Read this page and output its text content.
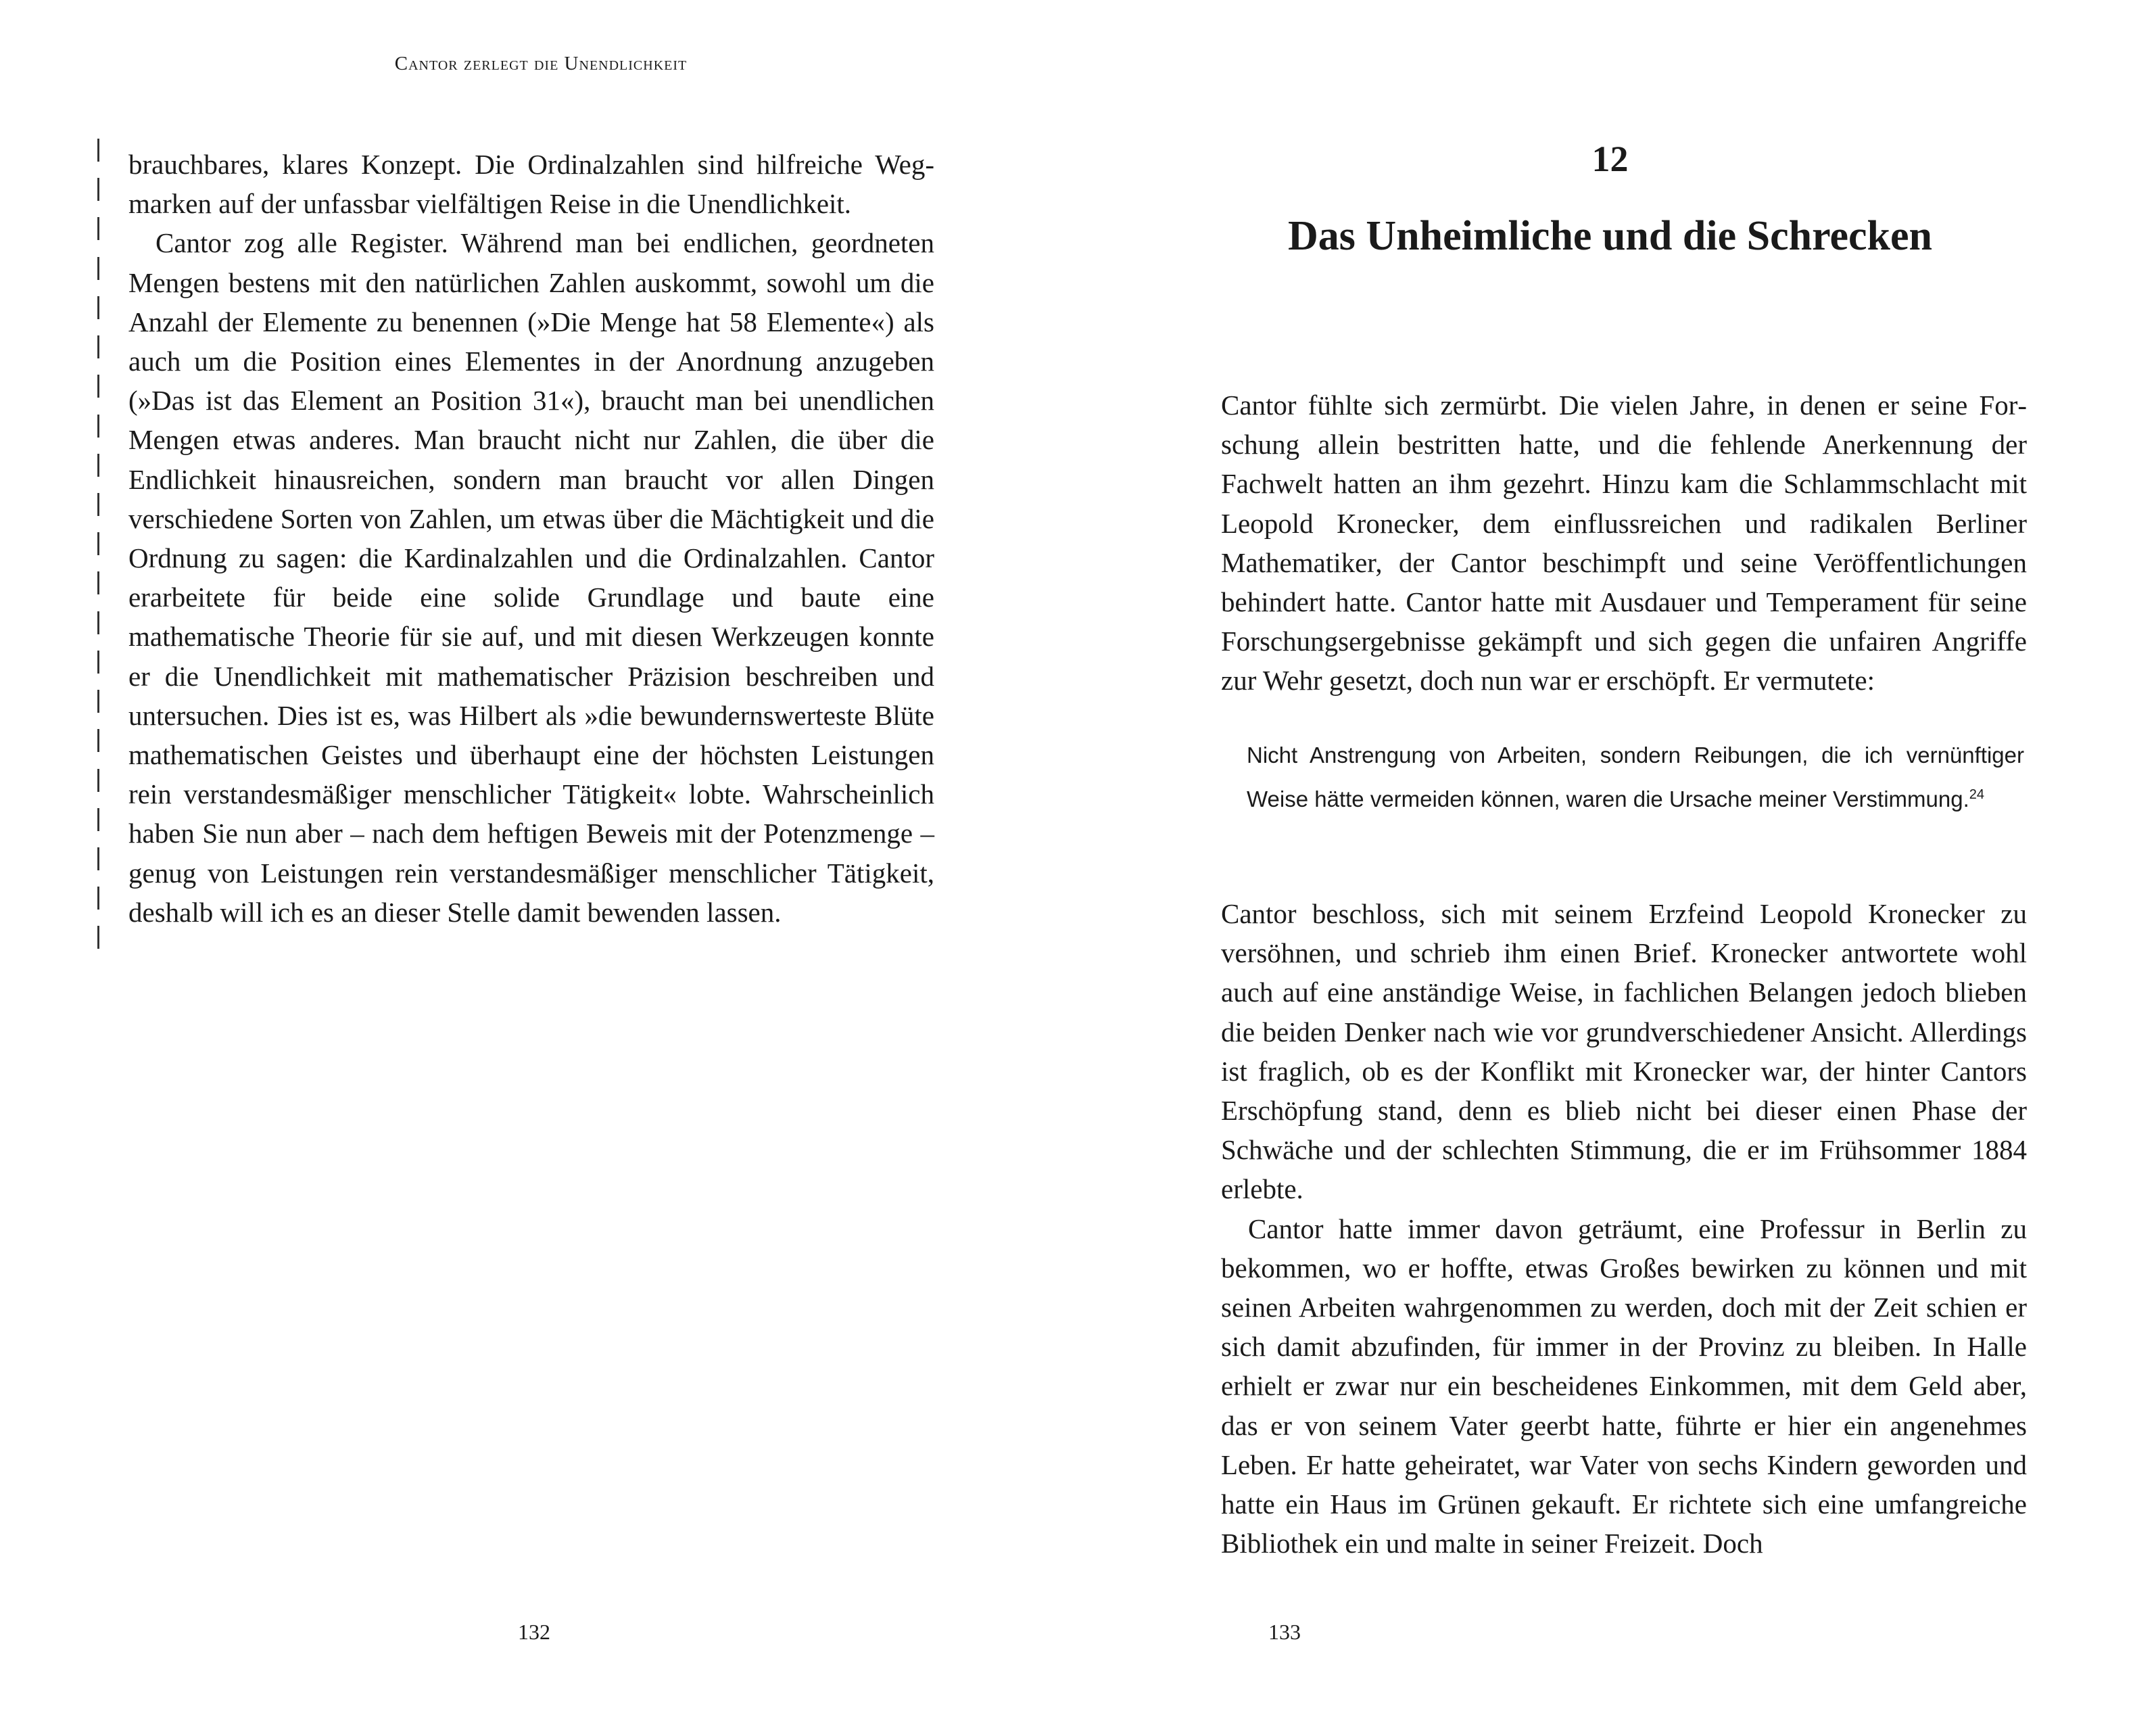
Cantor zerlegt die Unendlichkeit

brauchbares, klares Konzept. Die Ordinalzahlen sind hilfreiche Wegmarken auf der unfassbar vielfältigen Reise in die Unendlichkeit.

Cantor zog alle Register. Während man bei endlichen, geordneten Mengen bestens mit den natürlichen Zahlen auskommt, sowohl um die Anzahl der Elemente zu benennen (»Die Menge hat 58 Elemente«) als auch um die Position eines Elementes in der Anordnung anzugeben (»Das ist das Element an Position 31«), braucht man bei unendlichen Mengen etwas anderes. Man braucht nicht nur Zahlen, die über die Endlichkeit hinausreichen, sondern man braucht vor allen Dingen verschiedene Sorten von Zahlen, um etwas über die Mächtigkeit und die Ordnung zu sagen: die Kardinalzahlen und die Ordinalzahlen. Cantor erarbeitete für beide eine solide Grundlage und baute eine mathematische Theorie für sie auf, und mit diesen Werkzeugen konnte er die Unendlichkeit mit mathematischer Präzision beschreiben und untersuchen. Dies ist es, was Hilbert als »die bewundernswerteste Blüte mathematischen Geistes und überhaupt eine der höchsten Leistungen rein verstandesmäßiger menschlicher Tätigkeit« lobte. Wahrscheinlich haben Sie nun aber – nach dem heftigen Beweis mit der Potenzmenge – genug von Leistungen rein verstandesmäßiger menschlicher Tätigkeit, deshalb will ich es an dieser Stelle damit bewenden lassen.

132
12
Das Unheimliche und die Schrecken

Cantor fühlte sich zermürbt. Die vielen Jahre, in denen er seine Forschung allein bestritten hatte, und die fehlende Anerkennung der Fachwelt hatten an ihm gezehrt. Hinzu kam die Schlammschlacht mit Leopold Kronecker, dem einflussreichen und radikalen Berliner Mathematiker, der Cantor beschimpft und seine Veröffentlichungen behindert hatte. Cantor hatte mit Ausdauer und Temperament für seine Forschungsergebnisse gekämpft und sich gegen die unfairen Angriffe zur Wehr gesetzt, doch nun war er erschöpft. Er vermutete:

Nicht Anstrengung von Arbeiten, sondern Reibungen, die ich vernünftiger Weise hätte vermeiden können, waren die Ursache meiner Verstimmung.$^{24}$

Cantor beschloss, sich mit seinem Erzfeind Leopold Kronecker zu versöhnen, und schrieb ihm einen Brief. Kronecker antwortete wohl auch auf eine anständige Weise, in fachlichen Belangen jedoch blieben die beiden Denker nach wie vor grundverschiedener Ansicht. Allerdings ist fraglich, ob es der Konflikt mit Kronecker war, der hinter Cantors Erschöpfung stand, denn es blieb nicht bei dieser einen Phase der Schwäche und der schlechten Stimmung, die er im Frühsommer 1884 erlebte.

Cantor hatte immer davon geträumt, eine Professur in Berlin zu bekommen, wo er hoffte, etwas Großes bewirken zu können und mit seinen Arbeiten wahrgenommen zu werden, doch mit der Zeit schien er sich damit abzufinden, für immer in der Provinz zu bleiben. In Halle erhielt er zwar nur ein bescheidenes Einkommen, mit dem Geld aber, das er von seinem Vater geerbt hatte, führte er hier ein angenehmes Leben. Er hatte geheiratet, war Vater von sechs Kindern geworden und hatte ein Haus im Grünen gekauft. Er richtete sich eine umfangreiche Bibliothek ein und malte in seiner Freizeit. Doch

133
